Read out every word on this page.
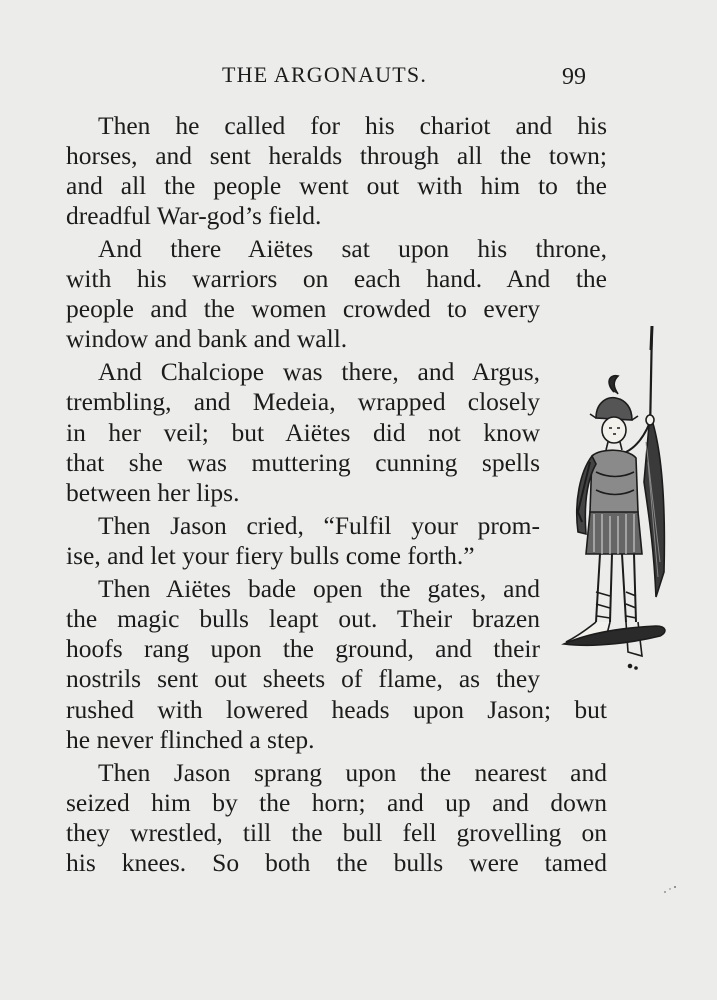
THE ARGONAUTS.	99
Then he called for his chariot and his
horses, and sent heralds through all the town;
and all the people went out with him to the
dreadful War-god’s field.
And there Aiëtes sat upon his throne,
with his warriors on each hand. And the
people and the women crowded to every
window and bank and wall.
And Chalciope was there, and Argus,
trembling, and Medeia, wrapped closely
in her veil; but Aiëtes did not know
that she was muttering cunning spells
between her lips.
Then Jason cried, “Fulfil your prom-
ise, and let your fiery bulls come forth.”
Then Aiëtes bade open the gates, and
the magic bulls leapt out. Their brazen
hoofs rang upon the ground, and their
nostrils sent out sheets of flame, as they
rushed with lowered heads upon Jason; but
he never flinched a step.
Then Jason sprang upon the nearest and
seized him by the horn; and up and down
they wrestled, till the bull fell grovelling on
his knees. So both the bulls were tamed
